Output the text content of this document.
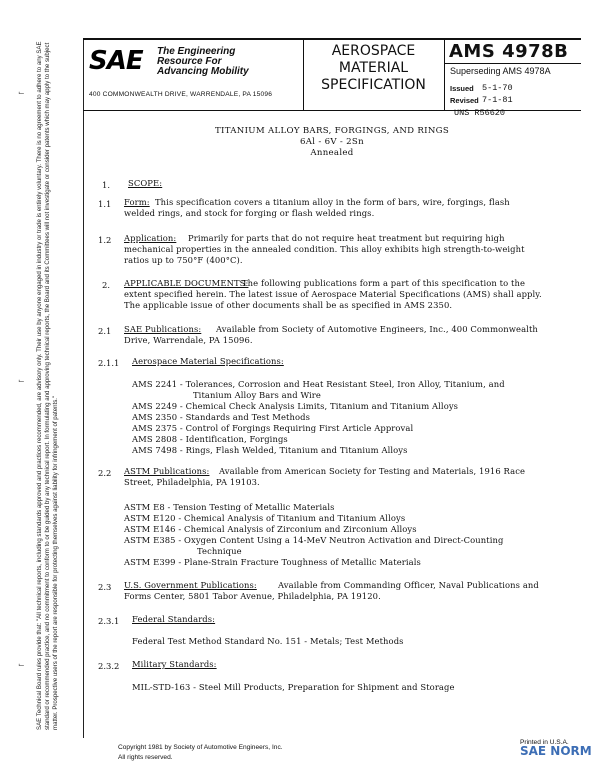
SAE The Engineering
Resource For
Advancing Mobility
400 COMMONWEALTH DRIVE, WARRENDALE, PA 15096
AEROSPACE
MATERIAL
SPECIFICATION
AMS 4978B
Superseding AMS 4978A
Issued 5-1-70
Revised 7-1-81
UNS R56620
TITANIUM ALLOY BARS, FORGINGS, AND RINGS
6Al - 6V - 2Sn
Annealed
1. SCOPE:
1.1 Form: This specification covers a titanium alloy in the form of bars, wire, forgings, flash
welded rings, and stock for forging or flash welded rings.
1.2 Application: Primarily for parts that do not require heat treatment but requiring high
mechanical properties in the annealed condition. This alloy exhibits high strength-to-weight
ratios up to 750°F (400°C).
2. APPLICABLE DOCUMENTS:
The following publications form a part of this specification to the
extent specified herein. The latest issue of Aerospace Material Specifications (AMS) shall apply.
The applicable issue of other documents shall be as specified in AMS 2350.
2.1 SAE Publications: Available from Society of Automotive Engineers, Inc., 400 Commonwealth
Drive, Warrendale, PA 15096.
2.1.1 Aerospace Material Specifications:
AMS 2241 - Tolerances, Corrosion and Heat Resistant Steel, Iron Alloy, Titanium, and
Titanium Alloy Bars and Wire
AMS 2249 - Chemical Check Analysis Limits, Titanium and Titanium Alloys
AMS 2350 - Standards and Test Methods
AMS 2375 - Control of Forgings Requiring First Article Approval
AMS 2808 - Identification, Forgings
AMS 7498 - Rings, Flash Welded, Titanium and Titanium Alloys
2.2 ASTM Publications: Available from American Society for Testing and Materials, 1916 Race
Street, Philadelphia, PA 19103.
ASTM E8 - Tension Testing of Metallic Materials
ASTM E120 - Chemical Analysis of Titanium and Titanium Alloys
ASTM E146 - Chemical Analysis of Zirconium and Zirconium Alloys
ASTM E385 - Oxygen Content Using a 14-MeV Neutron Activation and Direct-Counting
Technique
ASTM E399 - Plane-Strain Fracture Toughness of Metallic Materials
2.3 U.S. Government Publications:	Available from Commanding Officer, Naval Publications and
Forms Center, 5801 Tabor Avenue, Philadelphia, PA 19120.
2.3.1 Federal Standards:
Federal Test Method Standard No. 151 - Metals; Test Methods
2.3.2 Military Standards:
MIL-STD-163 - Steel Mill Products, Preparation for Shipment and Storage
SAE Technical Board rules provide that: "All technical reports, including standards approved and practices recommended, are advisory only. Their use by anyone engaged in industry or trade is entirely voluntary. There is no agreement to adhere to any SAE standard or recommended practice, and no commitment to conform to or be guided by any technical report. In formulating and approving technical reports, the Board and its Committees will not investigate or consider patents which may apply to the subject matter. Prospective users of the report are responsible for protecting themselves against liability for infringement of patents."
⌙
⌙
⌙
Copyright 1981 by Society of Automotive Engineers, Inc.
All rights reserved.
Printed in U.S.A.
SAE NORM
